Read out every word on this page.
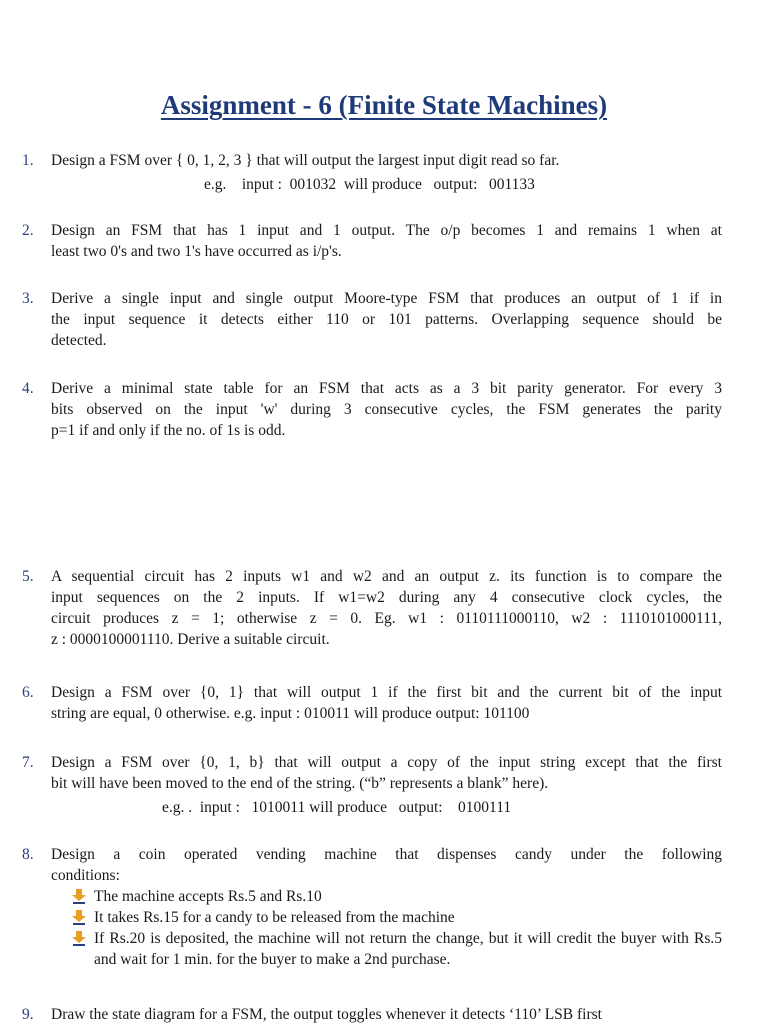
Assignment - 6 (Finite State Machines)
1.	Design a FSM over { 0, 1, 2, 3 } that will output the largest input digit read so far.
e.g.    input :  001032  will produce   output:   001133
2.	Design an FSM that has 1 input and 1 output. The o/p becomes 1 and remains 1 when at
least two 0's and two 1's have occurred as i/p's.
3.	Derive a single input and single output Moore-type FSM that produces an output of 1 if in
the input sequence it detects either 110 or 101 patterns. Overlapping sequence should be
detected.
4.	Derive a minimal state table for an FSM that acts as a 3 bit parity generator. For every 3
bits observed on the input 'w' during 3 consecutive cycles, the FSM generates the parity
p=1 if and only if the no. of 1s is odd.
5.	A sequential circuit has 2 inputs w1 and w2 and an output z. its function is to compare the
input sequences on the 2 inputs. If w1=w2 during any 4 consecutive clock cycles, the
circuit produces z = 1; otherwise z = 0. Eg. w1 : 0110111000110, w2 : 1110101000111,
z : 0000100001110. Derive a suitable circuit.
6.	Design a FSM over {0, 1} that will output 1 if the first bit and the current bit of the input
string are equal, 0 otherwise. e.g. input : 010011 will produce output: 101100
7.	Design a FSM over {0, 1, b} that will output a copy of the input string except that the first
bit will have been moved to the end of the string. (“b” represents a blank” here).
e.g. .  input :   1010011 will produce   output:    0100111
8.	Design a coin operated vending machine that dispenses candy under the following
conditions:
The machine accepts Rs.5 and Rs.10
It takes Rs.15 for a candy to be released from the machine
If Rs.20 is deposited, the machine will not return the change, but it will credit the buyer with Rs.5 and wait for 1 min. for the buyer to make a 2nd purchase.
9.	Draw the state diagram for a FSM, the output toggles whenever it detects ‘110’ LSB first
